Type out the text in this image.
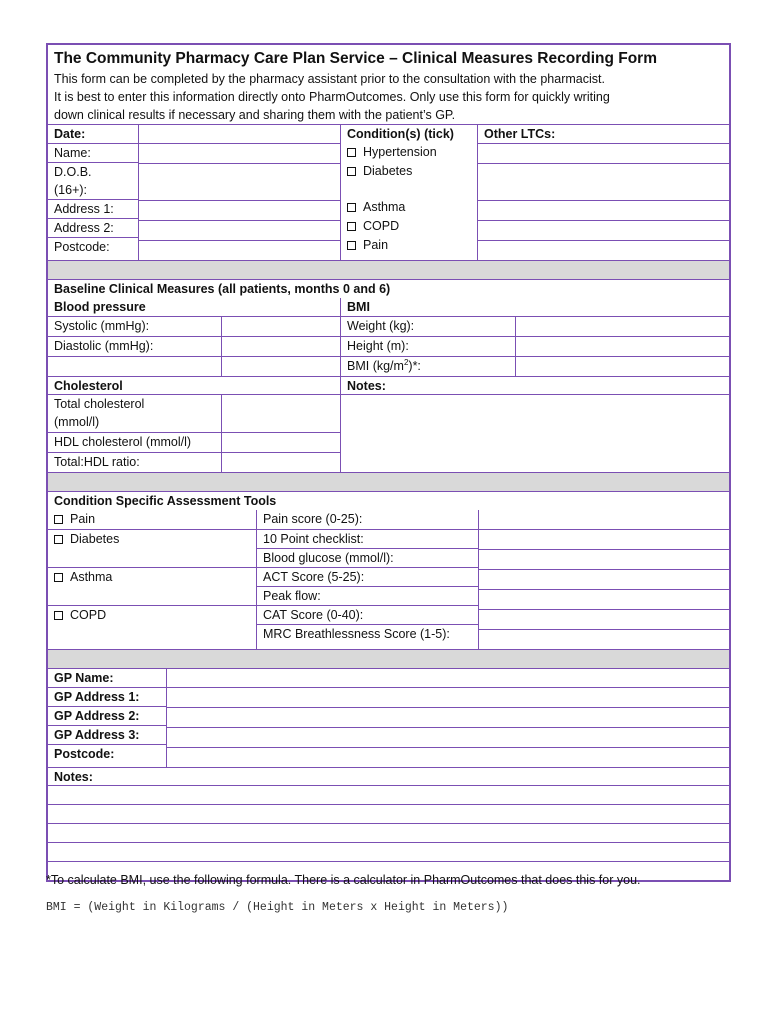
The Community Pharmacy Care Plan Service – Clinical Measures Recording Form
This form can be completed by the pharmacy assistant prior to the consultation with the pharmacist.
It is best to enter this information directly onto PharmOutcomes. Only use this form for quickly writing
down clinical results if necessary and sharing them with the patient’s GP.
Date:
Name:
D.O.B.
(16+):
Address 1:
Address 2:
Postcode:
Condition(s) (tick)
Hypertension
Diabetes
Asthma
COPD
Pain
Other LTCs:
Baseline Clinical Measures (all patients, months 0 and 6)
Blood pressure
Systolic (mmHg):
Diastolic (mmHg):
Cholesterol
Total cholesterol
(mmol/l)
HDL cholesterol (mmol/l)
Total:HDL ratio:
BMI
Weight (kg):
Height (m):
BMI $(kg/m^2)*$:
Notes:
Condition Specific Assessment Tools
Pain
Diabetes
Asthma
COPD
Pain score (0-25):
10 Point checklist:
Blood glucose (mmol/l):
ACT Score (5-25):
Peak flow:
CAT Score (0-40):
MRC Breathlessness Score (1-5):
GP Name:
GP Address 1:
GP Address 2:
GP Address 3:
Postcode:
Notes:
*To calculate BMI, use the following formula. There is a calculator in PharmOutcomes that does this for you.
BMI = (Weight in Kilograms / (Height in Meters x Height in Meters))
